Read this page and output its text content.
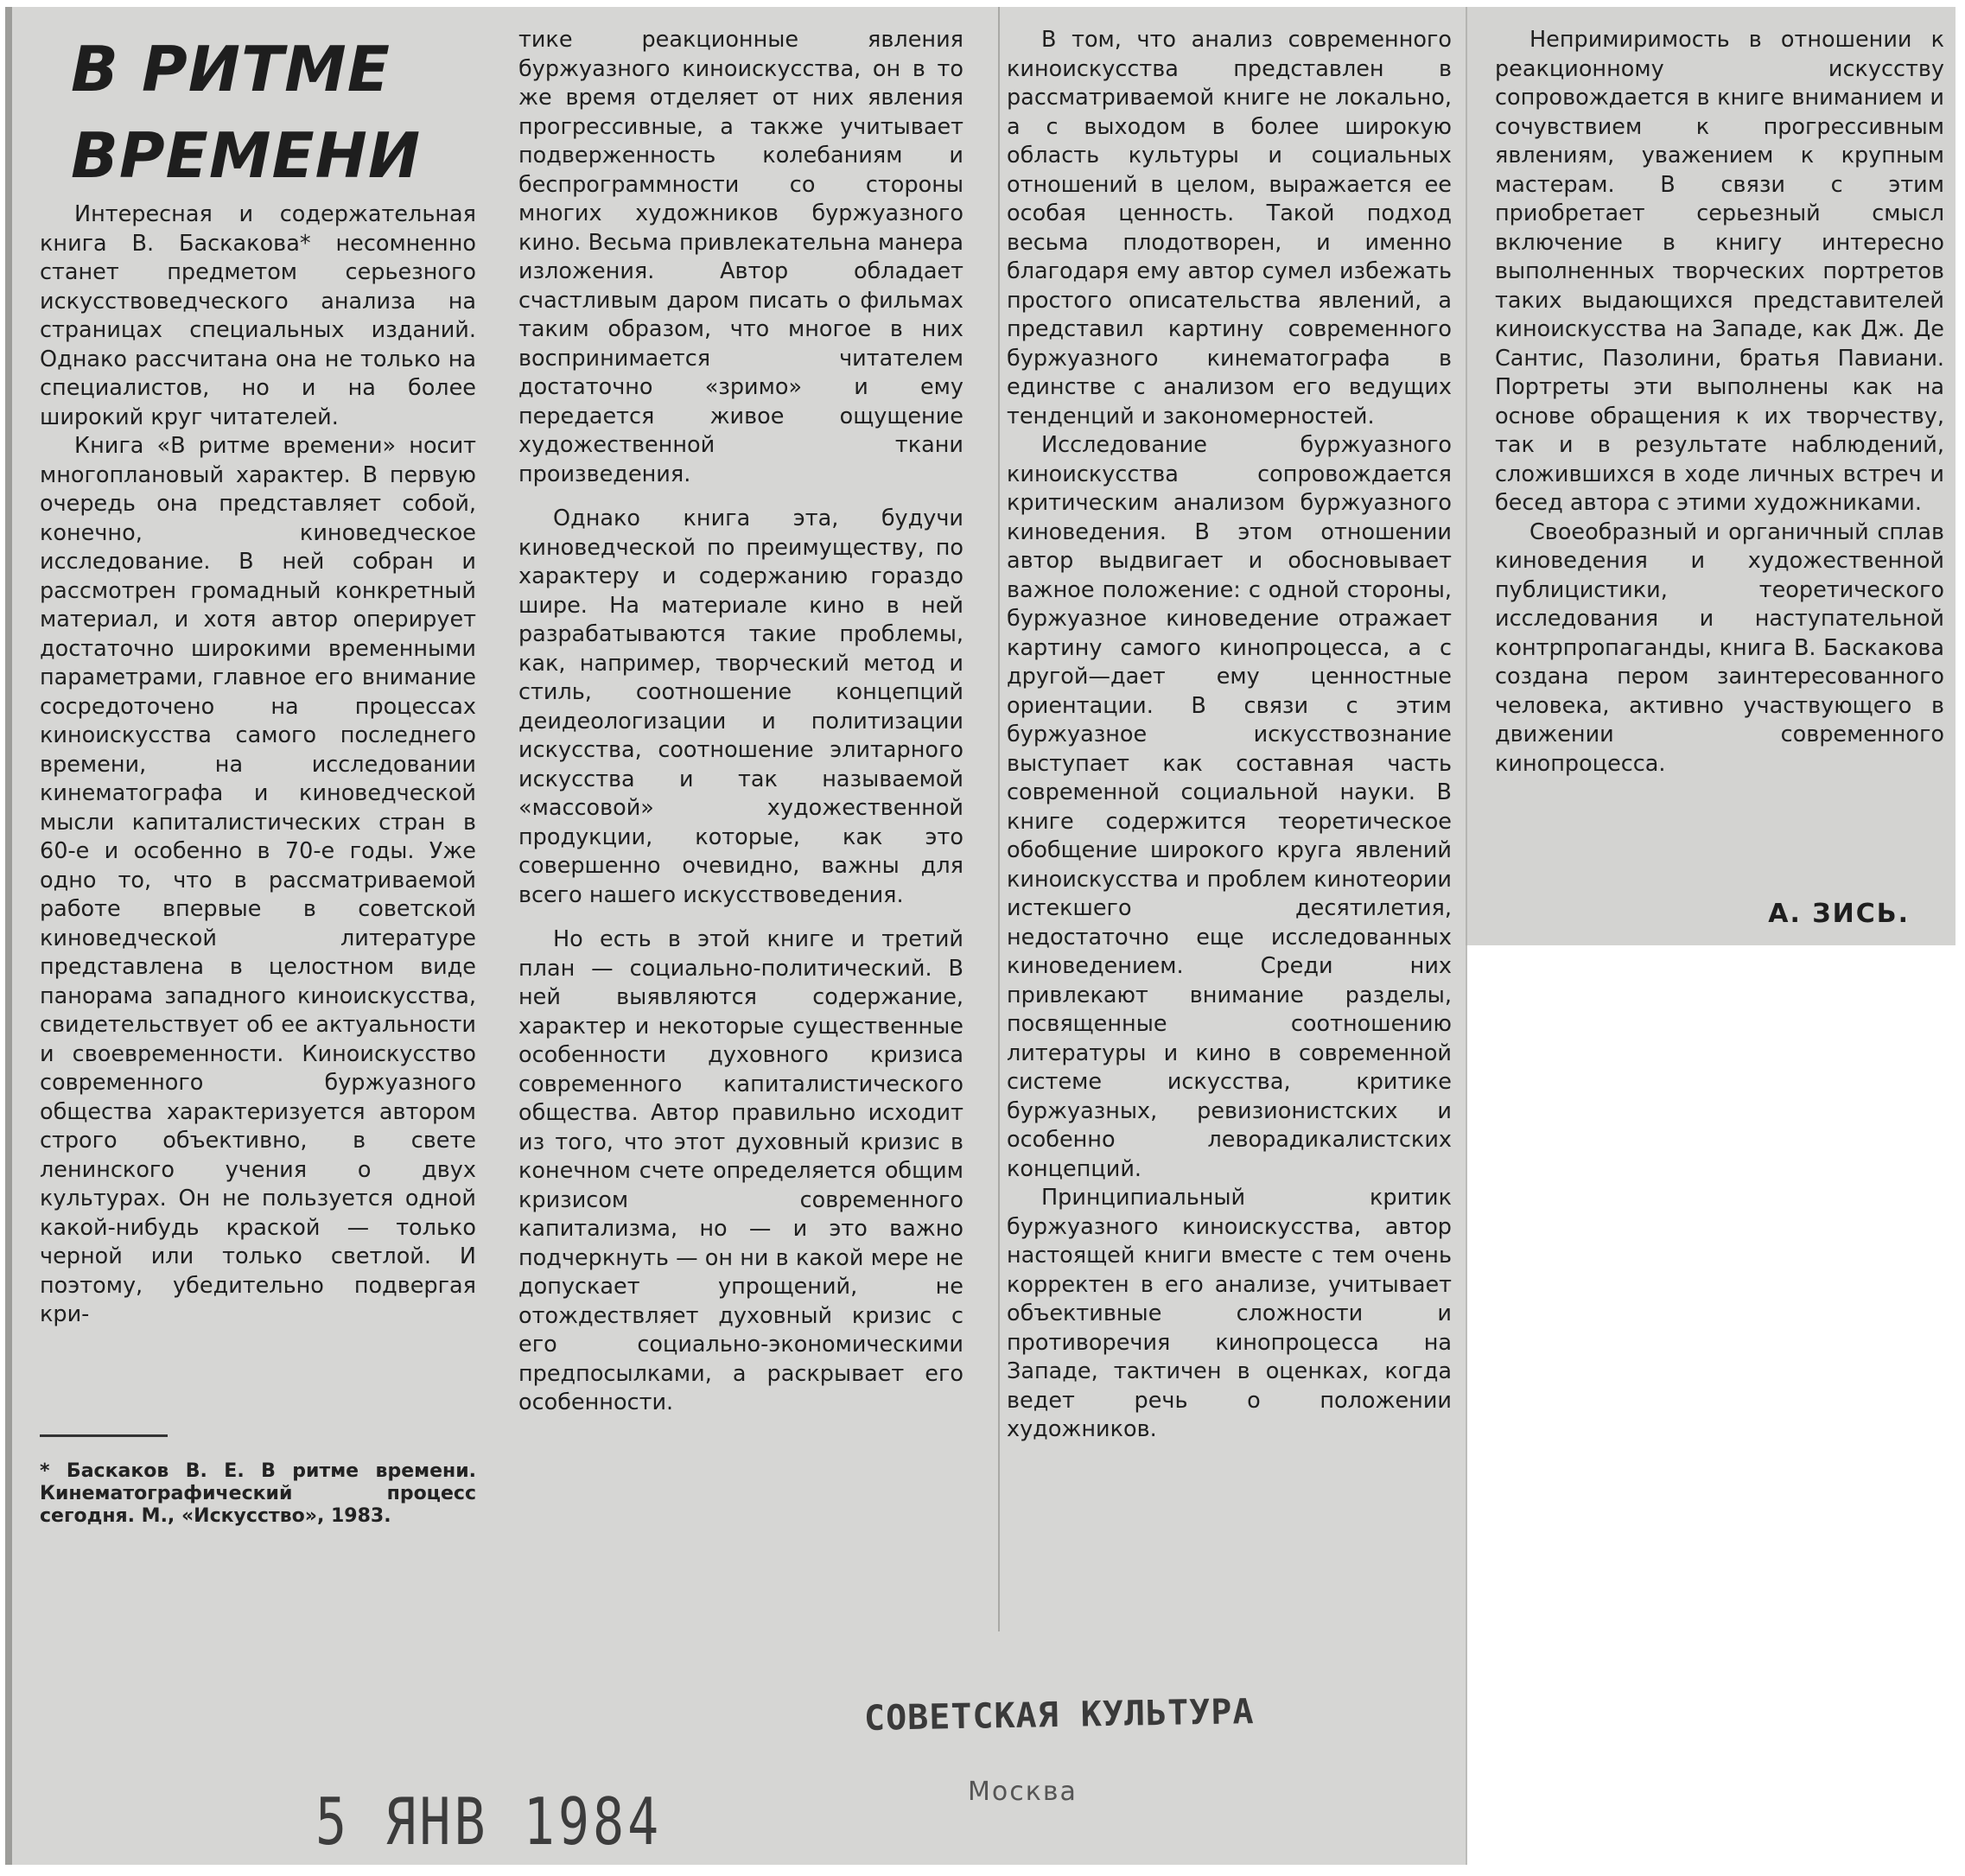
В РИТМЕ
ВРЕМЕНИ

Интересная и содержательная книга В. Баскакова* несомненно станет предметом серьезного искусствоведческого анализа на страницах специальных изданий. Однако рассчитана она не только на специалистов, но и на более широкий круг читателей.

Книга «В ритме времени» носит многоплановый характер. В первую очередь она представляет собой, конечно, киноведческое исследование. В ней собран и рассмотрен громадный конкретный материал, и хотя автор оперирует достаточно широкими временными параметрами, главное его внимание сосредоточено на процессах киноискусства самого последнего времени, на исследовании кинематографа и киноведческой мысли капиталистических стран в 60-е и особенно в 70-е годы. Уже одно то, что в рассматриваемой работе впервые в советской киноведческой литературе представлена в целостном виде панорама западного киноискусства, свидетельствует об ее актуальности и своевременности. Киноискусство современного буржуазного общества характеризуется автором строго объективно, в свете ленинского учения о двух культурах. Он не пользуется одной какой-нибудь краской — только черной или только светлой. И поэтому, убедительно подвергая кри-

тике реакционные явления буржуазного киноискусства, он в то же время отделяет от них явления прогрессивные, а также учитывает подверженность колебаниям и беспрограммности со стороны многих художников буржуазного кино. Весьма привлекательна манера изложения. Автор обладает счастливым даром писать о фильмах таким образом, что многое в них воспринимается читателем достаточно «зримо» и ему передается живое ощущение художественной ткани произведения.

Однако книга эта, будучи киноведческой по преимуществу, по характеру и содержанию гораздо шире. На материале кино в ней разрабатываются такие проблемы, как, например, творческий метод и стиль, соотношение концепций деидеологизации и политизации искусства, соотношение элитарного искусства и так называемой «массовой» художественной продукции, которые, как это совершенно очевидно, важны для всего нашего искусствоведения.

Но есть в этой книге и третий план — социально-политический. В ней выявляются содержание, характер и некоторые существенные особенности духовного кризиса современного капиталистического общества. Автор правильно исходит из того, что этот духовный кризис в конечном счете определяется общим кризисом современного капитализма, но — и это важно подчеркнуть — он ни в какой мере не допускает упрощений, не отождествляет духовный кризис с его социально-экономическими предпосылками, а раскрывает его особенности.

В том, что анализ современного киноискусства представлен в рассматриваемой книге не локально, а с выходом в более широкую область культуры и социальных отношений в целом, выражается ее особая ценность. Такой подход весьма плодотворен, и именно благодаря ему автор сумел избежать простого описательства явлений, а представил картину современного буржуазного кинематографа в единстве с анализом его ведущих тенденций и закономерностей.

Исследование буржуазного киноискусства сопровождается критическим анализом буржуазного киноведения. В этом отношении автор выдвигает и обосновывает важное положение: с одной стороны, буржуазное киноведение отражает картину самого кинопроцесса, а с другой—дает ему ценностные ориентации. В связи с этим буржуазное искусствознание выступает как составная часть современной социальной науки. В книге содержится теоретическое обобщение широкого круга явлений киноискусства и проблем кинотеории истекшего десятилетия, недостаточно еще исследованных киноведением. Среди них привлекают внимание разделы, посвященные соотношению литературы и кино в современной системе искусства, критике буржуазных, ревизионистских и особенно леворадикалистских концепций.

Принципиальный критик буржуазного киноискусства, автор настоящей книги вместе с тем очень корректен в его анализе, учитывает объективные сложности и противоречия кинопроцесса на Западе, тактичен в оценках, когда ведет речь о положении художников.

Непримиримость в отношении к реакционному искусству сопровождается в книге вниманием и сочувствием к прогрессивным явлениям, уважением к крупным мастерам. В связи с этим приобретает серьезный смысл включение в книгу интересно выполненных творческих портретов таких выдающихся представителей киноискусства на Западе, как Дж. Де Сантис, Пазолини, братья Павиани. Портреты эти выполнены как на основе обращения к их творчеству, так и в результате наблюдений, сложившихся в ходе личных встреч и бесед автора с этими художниками.

Своеобразный и органичный сплав киноведения и художественной публицистики, теоретического исследования и наступательной контрпропаганды, книга В. Баскакова создана пером заинтересованного человека, активно участвующего в движении современного кинопроцесса.

А. ЗИСЬ.
* Баскаков В. Е. В ритме времени. Кинематографический процесс сегодня. М., «Искусство», 1983.
СОВЕТСКАЯ КУЛЬТУРА
Москва
5 ЯНВ 1984
